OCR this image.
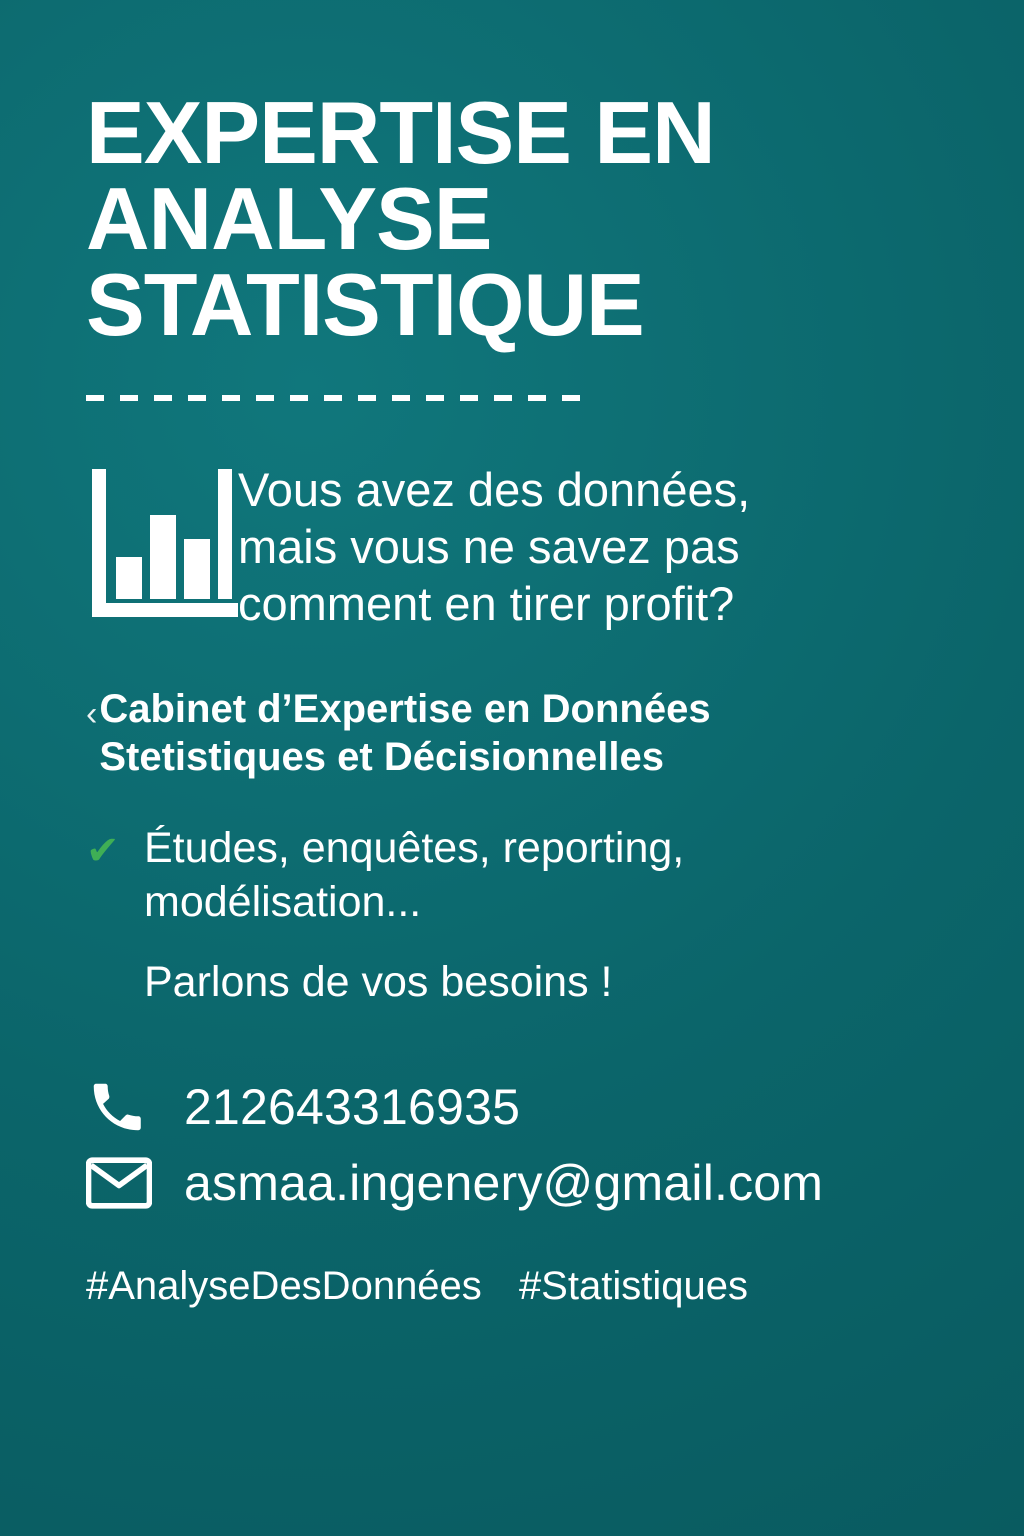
EXPERTISE EN
ANALYSE
STATISTIQUE
Vous avez des données,
mais vous ne savez pas
comment en tirer profit?
‹ Cabinet d’Expertise en Données
Stetistiques et Décisionnelles
✔ Études, enquêtes, reporting,
modélisation...
Parlons de vos besoins !
212643316935
asmaa.ingenery@gmail.com
#AnalyseDesDonnées #Statistiques
